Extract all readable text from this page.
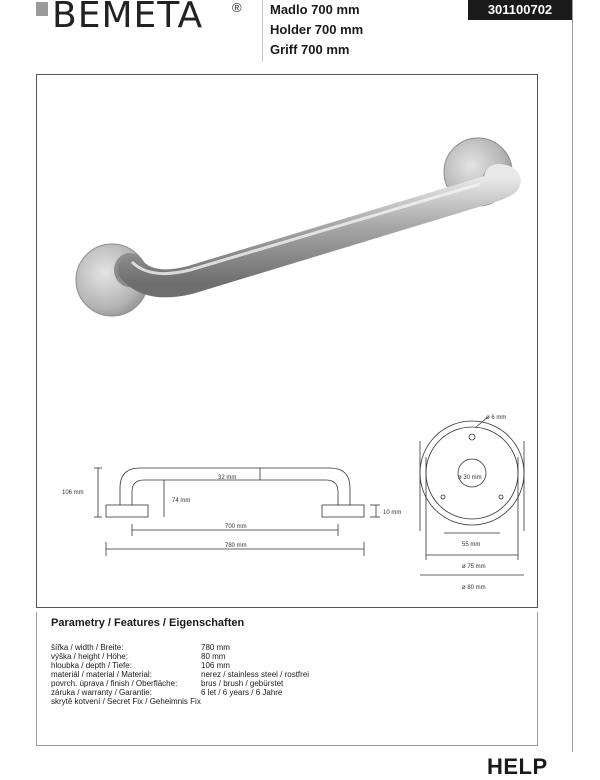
BEMETA ® Madlo 700 mm
Holder 700 mm
Griff 700 mm
301100702
106 mm
74 mm
32 mm
700 mm
780 mm
10 mm
ø 6 mm
ø 30 mm
55 mm
ø 75 mm
ø 80 mm
Parametry / Features / Eigenschaften
šířka / width / Breite:	780 mm
výška / height / Höhe:	80 mm
hloubka / depth / Tiefe:	106 mm
materiál / material / Material:	nerez / stainless steel / rostfrei
povrch. úprava / finish / Oberfläche:	brus / brush / gebürstet
záruka / warranty / Garantie:	6 let / 6 years / 6 Jahre
skrytě kotvení / Secret Fix / Geheimnis Fix	
HELP
